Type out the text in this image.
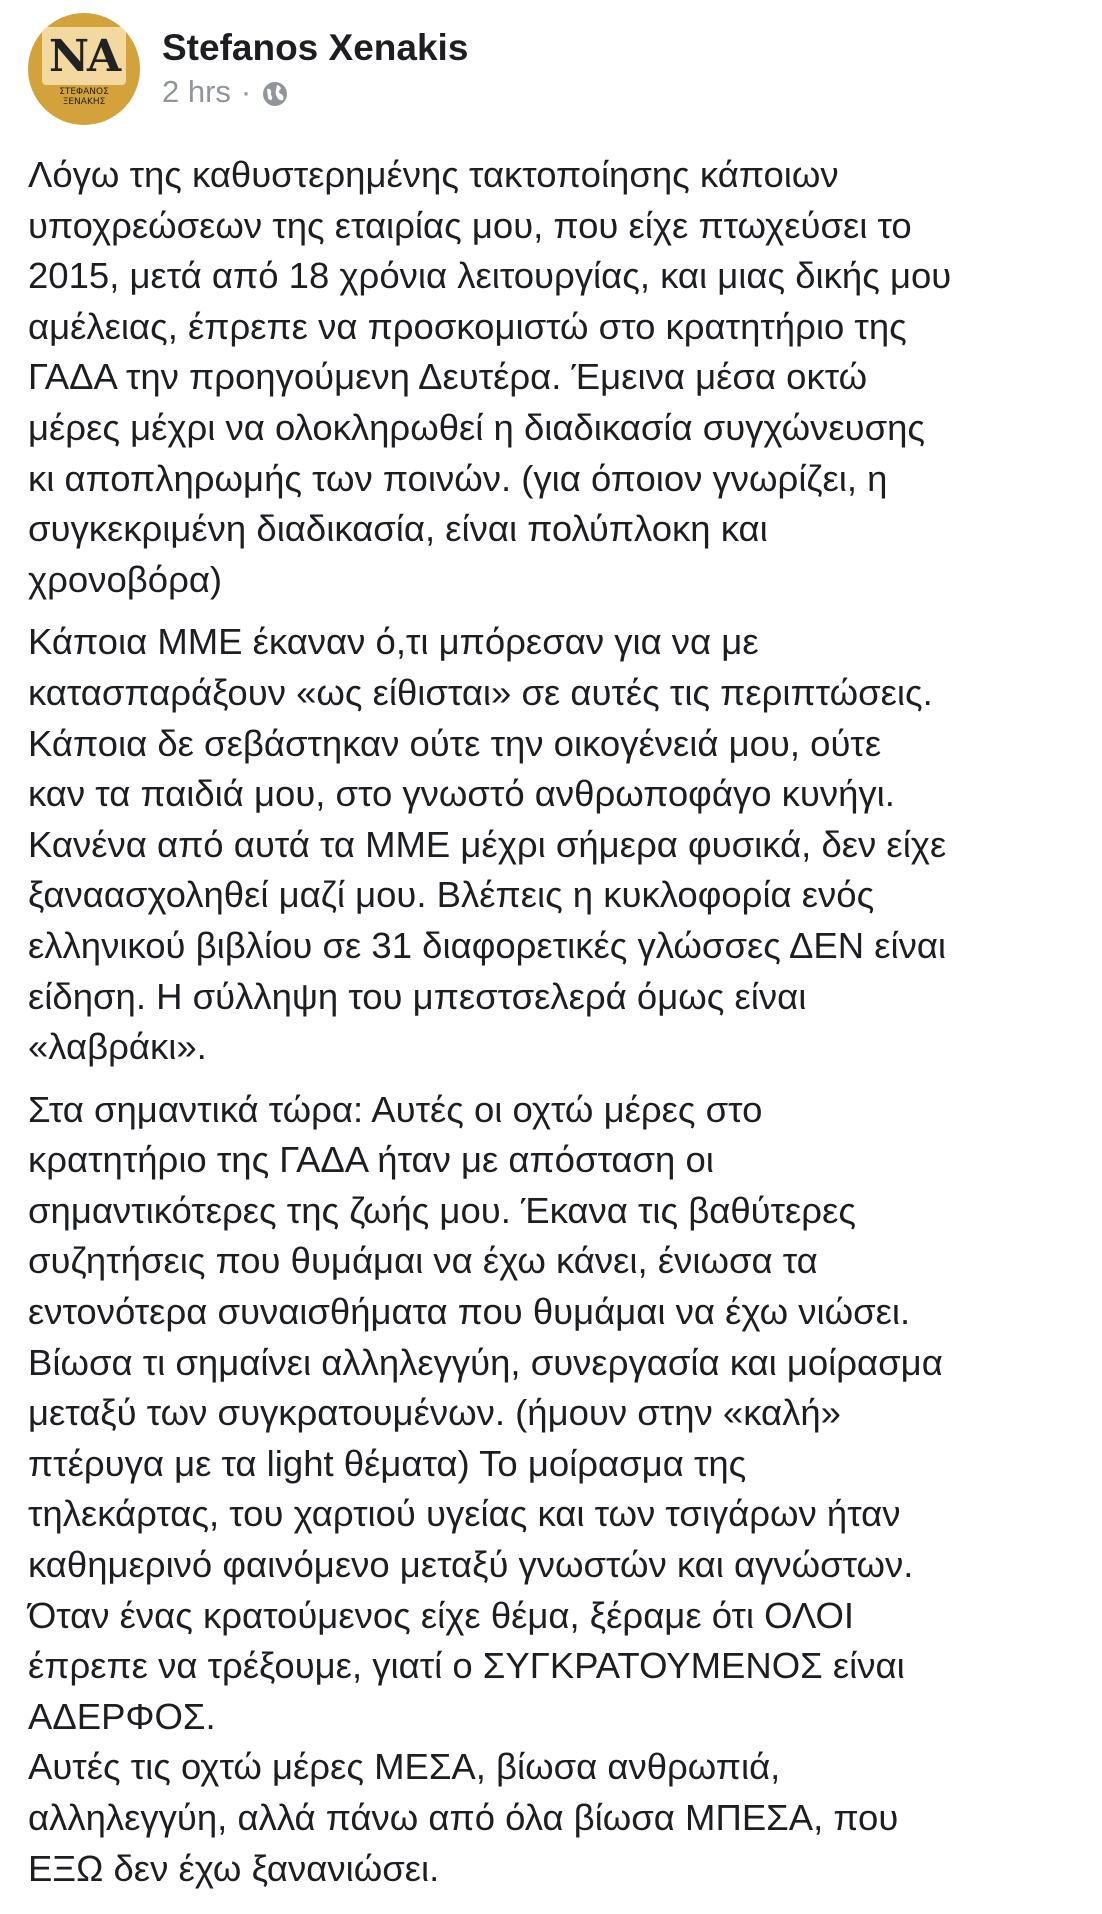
NA
ΣΤΕΦΑΝΟΣ
ΞΕΝΑΚΗΣ
Stefanos Xenakis
2 hrs ·
Λόγω της καθυστερημένης τακτοποίησης κάποιων
υποχρεώσεων της εταιρίας μου, που είχε πτωχεύσει το
2015, μετά από 18 χρόνια λειτουργίας, και μιας δικής μου
αμέλειας, έπρεπε να προσκομιστώ στο κρατητήριο της
ΓΑΔΑ την προηγούμενη Δευτέρα. Έμεινα μέσα οκτώ
μέρες μέχρι να ολοκληρωθεί η διαδικασία συγχώνευσης
κι αποπληρωμής των ποινών. (για όποιον γνωρίζει, η
συγκεκριμένη διαδικασία, είναι πολύπλοκη και
χρονοβόρα)
Κάποια ΜΜΕ έκαναν ό,τι μπόρεσαν για να με
κατασπαράξουν «ως είθισται» σε αυτές τις περιπτώσεις.
Κάποια δε σεβάστηκαν ούτε την οικογένειά μου, ούτε
καν τα παιδιά μου, στο γνωστό ανθρωποφάγο κυνήγι.
Κανένα από αυτά τα ΜΜΕ μέχρι σήμερα φυσικά, δεν είχε
ξαναασχοληθεί μαζί μου. Βλέπεις η κυκλοφορία ενός
ελληνικού βιβλίου σε 31 διαφορετικές γλώσσες ΔΕΝ είναι
είδηση. Η σύλληψη του μπεστσελερά όμως είναι
«λαβράκι».
Στα σημαντικά τώρα: Αυτές οι οχτώ μέρες στο
κρατητήριο της ΓΑΔΑ ήταν με απόσταση οι
σημαντικότερες της ζωής μου. Έκανα τις βαθύτερες
συζητήσεις που θυμάμαι να έχω κάνει, ένιωσα τα
εντονότερα συναισθήματα που θυμάμαι να έχω νιώσει.
Βίωσα τι σημαίνει αλληλεγγύη, συνεργασία και μοίρασμα
μεταξύ των συγκρατουμένων. (ήμουν στην «καλή»
πτέρυγα με τα light θέματα) Το μοίρασμα της
τηλεκάρτας, του χαρτιού υγείας και των τσιγάρων ήταν
καθημερινό φαινόμενο μεταξύ γνωστών και αγνώστων.
Όταν ένας κρατούμενος είχε θέμα, ξέραμε ότι ΟΛΟΙ
έπρεπε να τρέξουμε, γιατί ο ΣΥΓΚΡΑΤΟΥΜΕΝΟΣ είναι
ΑΔΕΡΦΟΣ.
Αυτές τις οχτώ μέρες ΜΕΣΑ, βίωσα ανθρωπιά,
αλληλεγγύη, αλλά πάνω από όλα βίωσα ΜΠΕΣΑ, που
ΕΞΩ δεν έχω ξανανιώσει.
